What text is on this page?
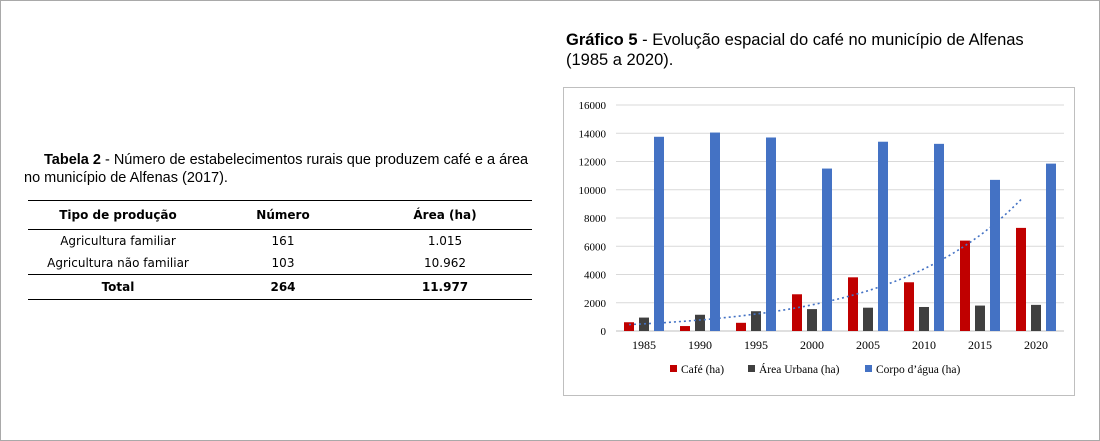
Tabela 2 - Número de estabelecimentos rurais que produzem café e a área no município de Alfenas (2017).
Tipo de produção	Número	Área (ha)
Agricultura familiar	161	1.015
Agricultura não familiar	103	10.962
Total	264	11.977
Gráfico 5 - Evolução espacial do café no município de Alfenas (1985 a 2020).
0
2000
4000
6000
8000
10000
12000
14000
16000
1985	1990	1995	2000	2005	2010	2015	2020
Café (ha)	Área Urbana (ha)	Corpo d’água (ha)
